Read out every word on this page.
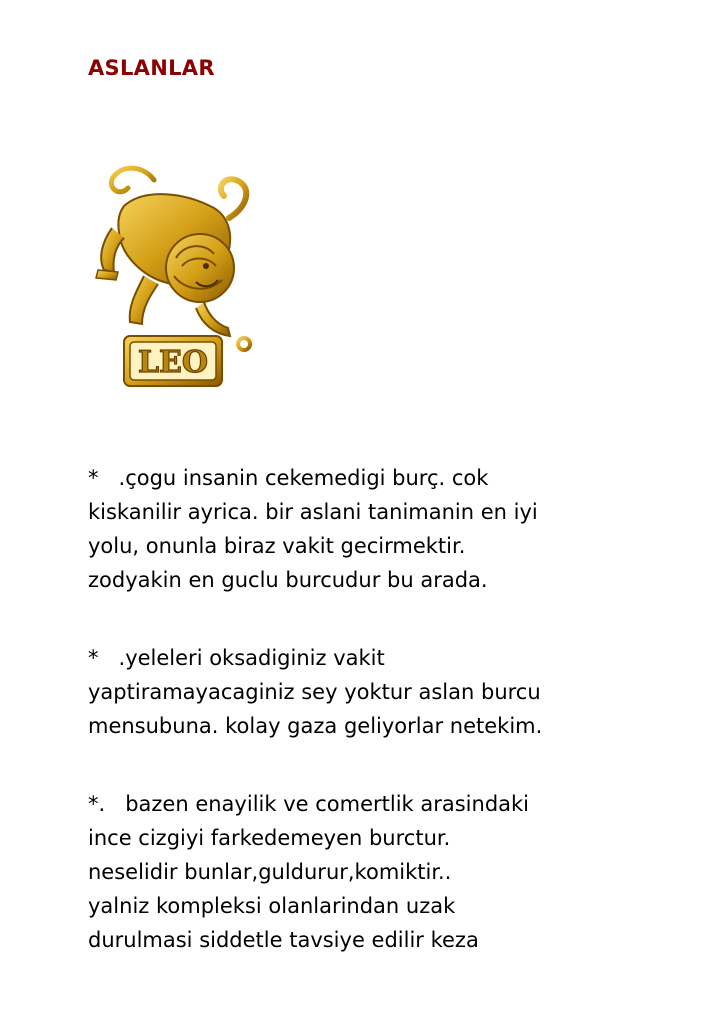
ASLANLAR
LEO

*   .çogu insanin cekemedigi burç. cok
kiskanilir ayrica. bir aslani tanimanin en iyi
yolu, onunla biraz vakit gecirmektir.
zodyakin en guclu burcudur bu arada.

*   .yeleleri oksadiginiz vakit
yaptiramayacaginiz sey yoktur aslan burcu
mensubuna. kolay gaza geliyorlar netekim.

*.   bazen enayilik ve comertlik arasindaki
ince cizgiyi farkedemeyen burctur.
neselidir bunlar,guldurur,komiktir..
yalniz kompleksi olanlarindan uzak
durulmasi siddetle tavsiye edilir keza
